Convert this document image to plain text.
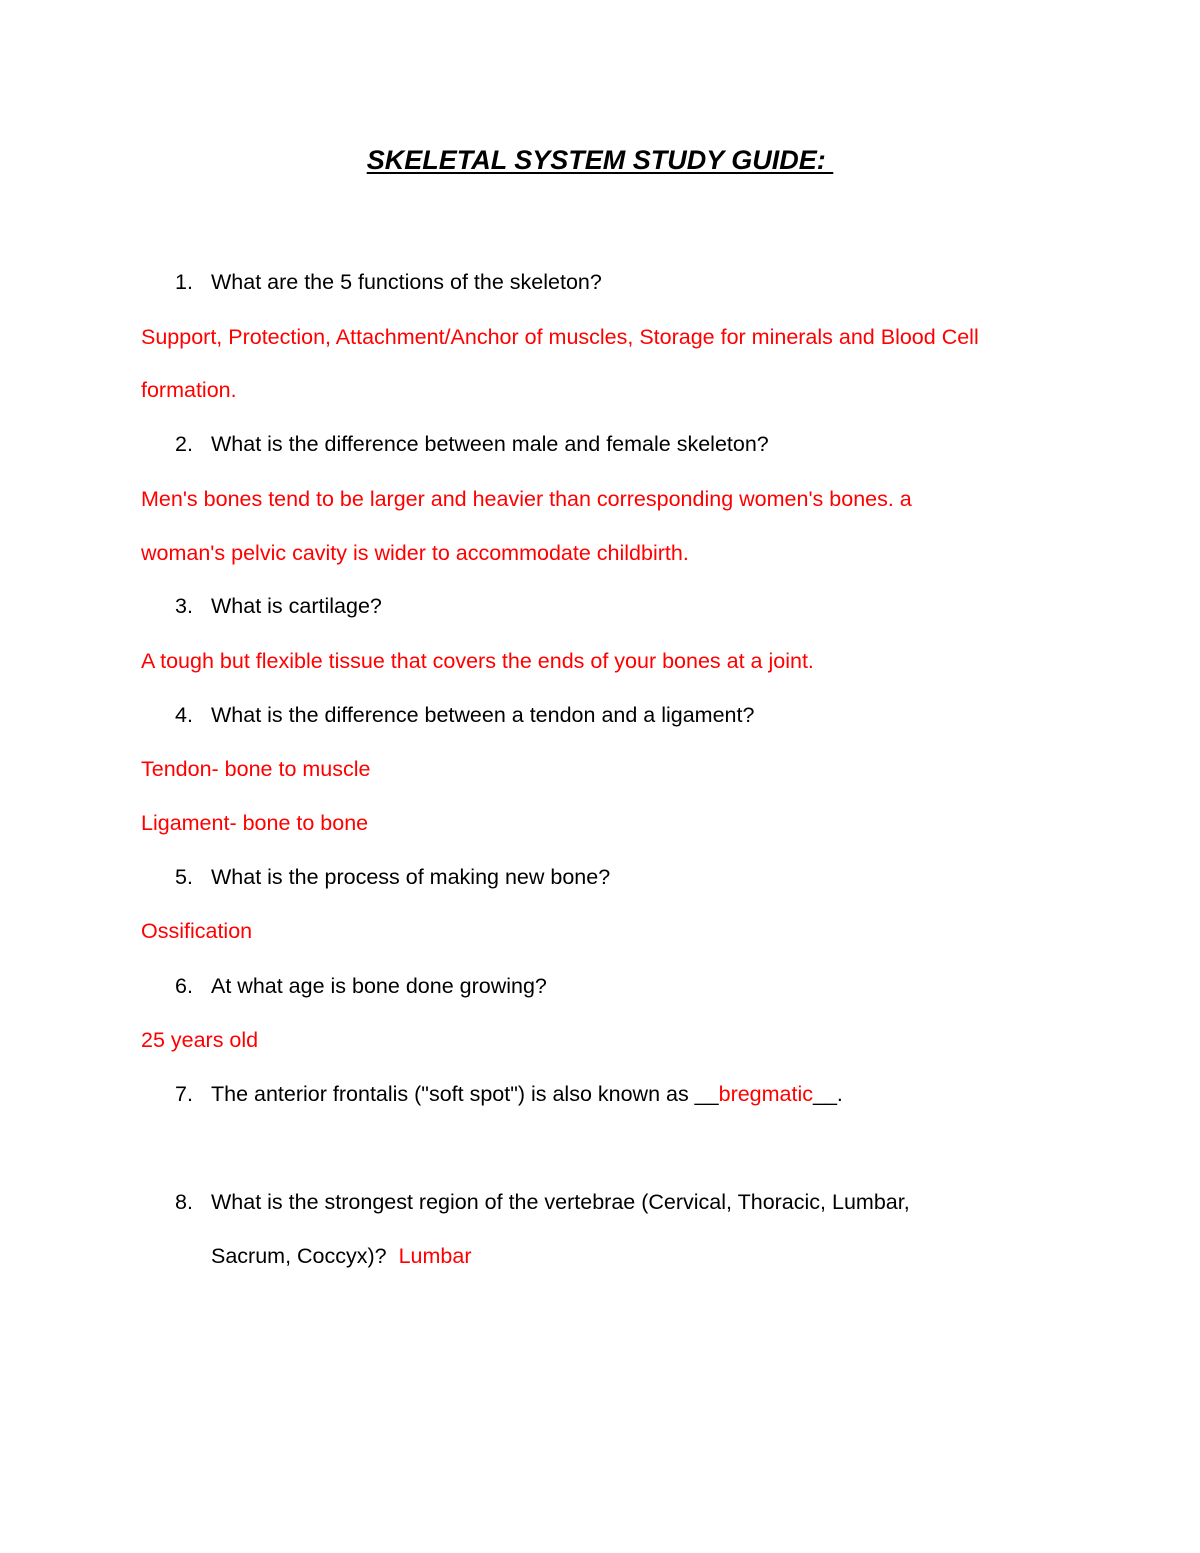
SKELETAL SYSTEM STUDY GUIDE:
1. What are the 5 functions of the skeleton?
Support, Protection, Attachment/Anchor of muscles, Storage for minerals and Blood Cell
formation.
2. What is the difference between male and female skeleton?
Men's bones tend to be larger and heavier than corresponding women's bones. a
woman's pelvic cavity is wider to accommodate childbirth.
3. What is cartilage?
A tough but flexible tissue that covers the ends of your bones at a joint.
4. What is the difference between a tendon and a ligament?
Tendon- bone to muscle
Ligament- bone to bone
5. What is the process of making new bone?
Ossification
6. At what age is bone done growing?
25 years old
7. The anterior frontalis ("soft spot") is also known as __bregmatic__.
8. What is the strongest region of the vertebrae (Cervical, Thoracic, Lumbar,
Sacrum, Coccyx)?  Lumbar
